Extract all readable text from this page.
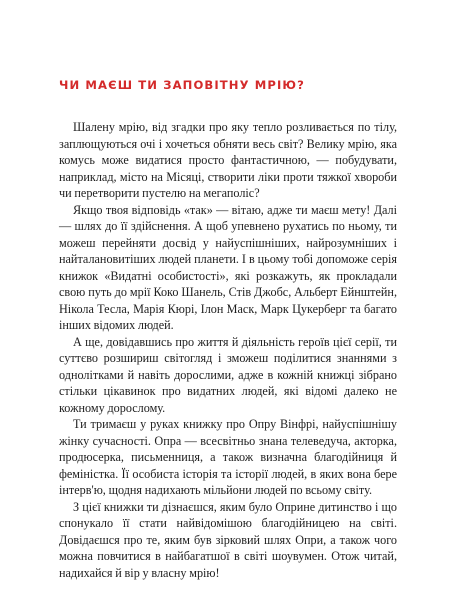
ЧИ МАЄШ ТИ ЗАПОВІТНУ МРІЮ?

Шалену мрію, від згадки про яку тепло розливається по тілу, заплющуються очі і хочеться обняти весь світ? Велику мрію, яка комусь може видатися просто фантастичною, — побудувати, наприклад, місто на Місяці, створити ліки проти тяжкої хвороби чи перетворити пустелю на мегаполіс?

Якщо твоя відповідь «так» — вітаю, адже ти маєш мету! Далі — шлях до її здійснення. А щоб упевнено рухатись по ньому, ти можеш перейняти досвід у найуспішніших, найрозумніших і найталановитіших людей планети. І в цьому тобі допоможе серія книжок «Видатні особистості», які розкажуть, як прокладали свою путь до мрії Коко Шанель, Стів Джобс, Альберт Ейнштейн, Нікола Тесла, Марія Кюрі, Ілон Маск, Марк Цукерберг та багато інших відомих людей.

А ще, довідавшись про життя й діяльність героїв цієї серії, ти суттєво розшириш світогляд і зможеш поділитися знаннями з однолітками й навіть дорослими, адже в кожній книжці зібрано стільки цікавинок про видатних людей, які відомі далеко не кожному дорослому.

Ти тримаєш у руках книжку про Опру Вінфрі, найуспішнішу жінку сучасності. Опра — всесвітньо знана телеведуча, акторка, продюсерка, письменниця, а також визначна благодійниця й феміністка. Її особиста історія та історії людей, в яких вона бере інтерв'ю, щодня надихають мільйони людей по всьому світу.

З цієї книжки ти дізнаєшся, яким було Оприне дитинство і що спонукало її стати найвідомішою благодійницею на світі. Довідаєшся про те, яким був зірковий шлях Опри, а також чого можна повчитися в найбагатшої в світі шоувумен. Отож читай, надихайся й вір у власну мрію!
